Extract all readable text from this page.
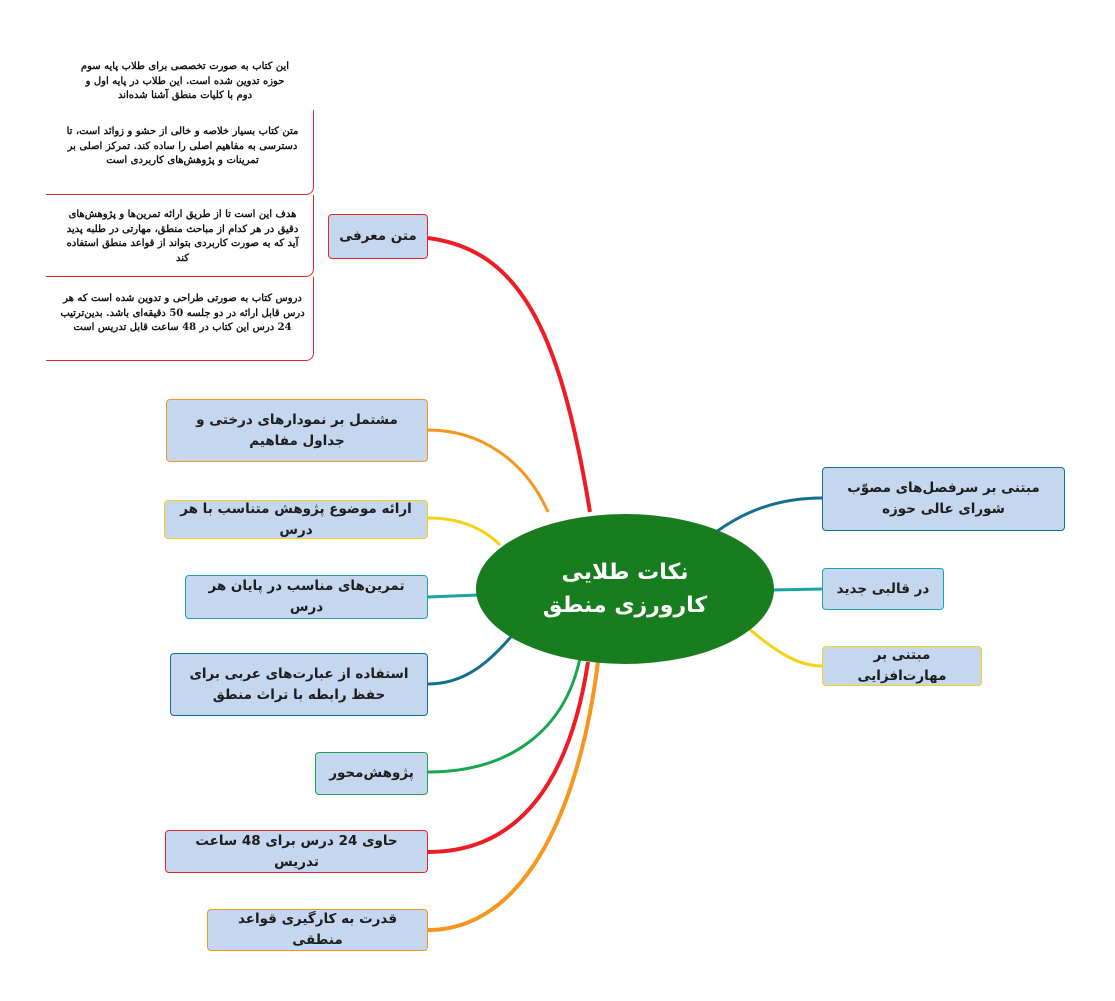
این کتاب به صورت تخصصی برای طلاب پایه سوم حوزه تدوین شده است. این طلاب در پایه اول و دوم با کلیات منطق آشنا شده‌اند
متن کتاب بسیار خلاصه و خالی از حشو و زوائد است، تا دسترسی به مفاهیم اصلی را ساده کند. تمرکز اصلی بر تمرینات و پژوهش‌های کاربردی است
هدف این است تا از طریق ارائه تمرین‌ها و پژوهش‌های دقیق در هر کدام از مباحث منطق، مهارتی در طلبه پدید آید که به صورت کاربردی بتواند از قواعد منطق استفاده کند
دروس کتاب به صورتی طراحی و تدوین شده است که هر درس قابل ارائه در دو جلسه 50 دقیقه‌ای باشد. بدین‌ترتیب 24 درس این کتاب در 48 ساعت قابل تدریس است
متن معرفی
مشتمل بر نمودارهای درختی و جداول مفاهیم
ارائه موضوع پژوهش متناسب با هر درس
تمرین‌های مناسب در پایان هر درس
استفاده از عبارت‌های عربی برای حفظ رابطه با تراث منطق
پژوهش‌محور
حاوی 24 درس برای 48 ساعت تدریس
قدرت به کارگیری قواعد منطقی
مبتنی بر سرفصل‌های مصوّب شورای عالی حوزه
در قالبی جدید
مبتنی بر مهارت‌افزایی
نکات طلایی
کارورزی منطق
